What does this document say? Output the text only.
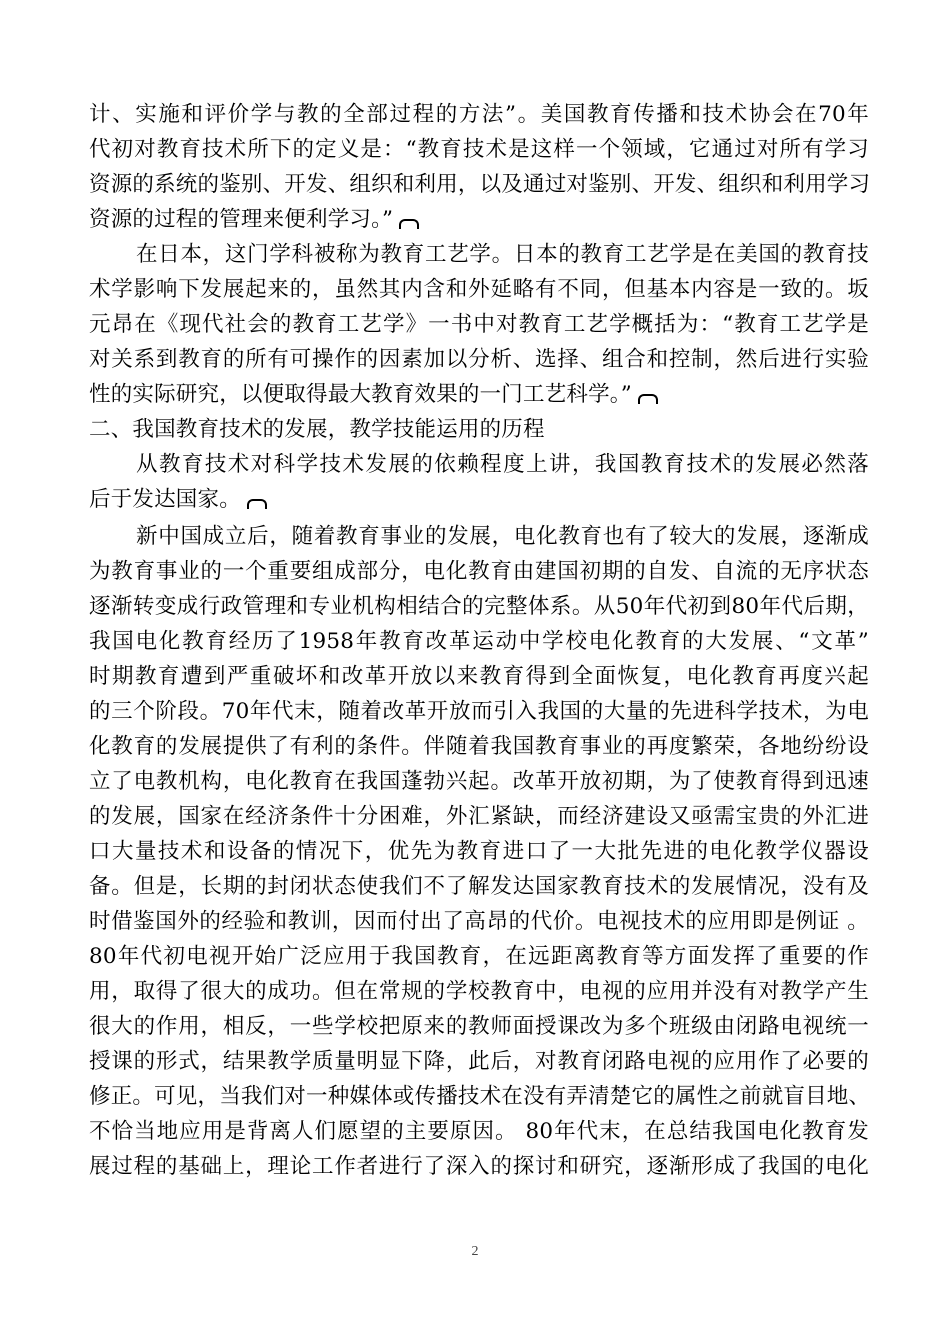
计、实施和评价学与教的全部过程的方法”。美国教育传播和技术协会在70年
代初对教育技术所下的定义是：“教育技术是这样一个领域，它通过对所有学习
资源的系统的鉴别、开发、组织和利用，以及通过对鉴别、开发、组织和利用学习
资源的过程的管理来便利学习。”
在日本，这门学科被称为教育工艺学。日本的教育工艺学是在美国的教育技
术学影响下发展起来的，虽然其内含和外延略有不同，但基本内容是一致的。坂
元昂在《现代社会的教育工艺学》一书中对教育工艺学概括为：“教育工艺学是
对关系到教育的所有可操作的因素加以分析、选择、组合和控制，然后进行实验
性的实际研究，以便取得最大教育效果的一门工艺科学。”
二、我国教育技术的发展，教学技能运用的历程
从教育技术对科学技术发展的依赖程度上讲，我国教育技术的发展必然落
后于发达国家。
新中国成立后，随着教育事业的发展，电化教育也有了较大的发展，逐渐成
为教育事业的一个重要组成部分，电化教育由建国初期的自发、自流的无序状态
逐渐转变成行政管理和专业机构相结合的完整体系。从50年代初到80年代后期，
我国电化教育经历了1958年教育改革运动中学校电化教育的大发展、“文革”
时期教育遭到严重破坏和改革开放以来教育得到全面恢复，电化教育再度兴起
的三个阶段。70年代末，随着改革开放而引入我国的大量的先进科学技术，为电
化教育的发展提供了有利的条件。伴随着我国教育事业的再度繁荣，各地纷纷设
立了电教机构，电化教育在我国蓬勃兴起。改革开放初期，为了使教育得到迅速
的发展，国家在经济条件十分困难，外汇紧缺，而经济建设又亟需宝贵的外汇进
口大量技术和设备的情况下，优先为教育进口了一大批先进的电化教学仪器设
备。但是，长期的封闭状态使我们不了解发达国家教育技术的发展情况，没有及
时借鉴国外的经验和教训，因而付出了高昂的代价。电视技术的应用即是例证 。
80年代初电视开始广泛应用于我国教育，在远距离教育等方面发挥了重要的作
用，取得了很大的成功。但在常规的学校教育中，电视的应用并没有对教学产生
很大的作用，相反，一些学校把原来的教师面授课改为多个班级由闭路电视统一
授课的形式，结果教学质量明显下降，此后，对教育闭路电视的应用作了必要的
修正。可见，当我们对一种媒体或传播技术在没有弄清楚它的属性之前就盲目地、
不恰当地应用是背离人们愿望的主要原因。 80年代末，在总结我国电化教育发
展过程的基础上，理论工作者进行了深入的探讨和研究，逐渐形成了我国的电化
2
